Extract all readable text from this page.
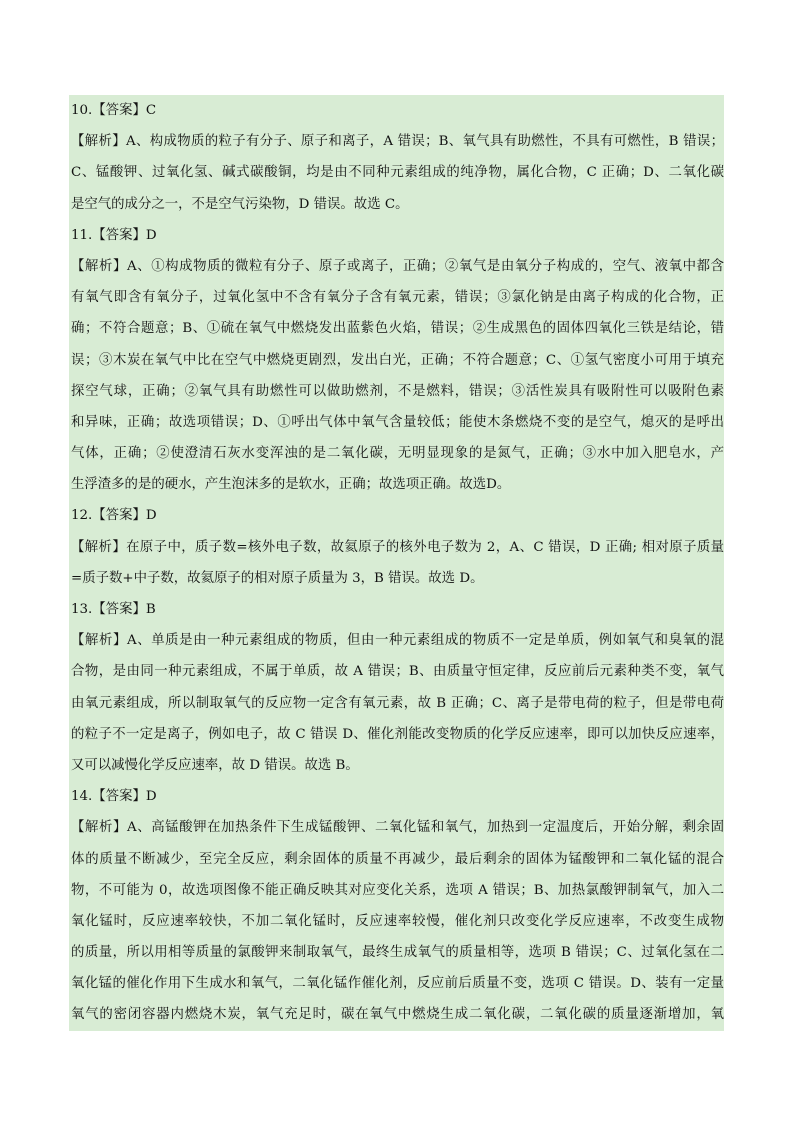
10.【答案】C
【解析】A、构成物质的粒子有分子、原子和离子，A 错误；B、氧气具有助燃性，不具有可燃性，B 错误；
C、锰酸钾、过氧化氢、碱式碳酸铜，均是由不同种元素组成的纯净物，属化合物，C 正确；D、二氧化碳
是空气的成分之一，不是空气污染物，D 错误。故选 C。
11.【答案】D
【解析】A、①构成物质的微粒有分子、原子或离子，正确；②氧气是由氧分子构成的，空气、液氧中都含
有氧气即含有氧分子，过氧化氢中不含有氧分子含有氧元素，错误；③氯化钠是由离子构成的化合物，正
确；不符合题意；B、①硫在氧气中燃烧发出蓝紫色火焰，错误；②生成黑色的固体四氧化三铁是结论，错
误；③木炭在氧气中比在空气中燃烧更剧烈，发出白光，正确；不符合题意；C、①氢气密度小可用于填充
探空气球，正确；②氧气具有助燃性可以做助燃剂，不是燃料，错误；③活性炭具有吸附性可以吸附色素
和异味，正确；故选项错误；D、①呼出气体中氧气含量较低；能使木条燃烧不变的是空气，熄灭的是呼出
气体，正确；②使澄清石灰水变浑浊的是二氧化碳，无明显现象的是氮气，正确；③水中加入肥皂水，产
生浮渣多的是的硬水，产生泡沫多的是软水，正确；故选项正确。故选D。
12.【答案】D
【解析】在原子中，质子数=核外电子数，故氦原子的核外电子数为 2，A、C 错误，D 正确; 相对原子质量
=质子数+中子数，故氦原子的相对原子质量为 3，B 错误。故选 D。
13.【答案】B
【解析】A、单质是由一种元素组成的物质，但由一种元素组成的物质不一定是单质，例如氧气和臭氧的混
合物，是由同一种元素组成，不属于单质，故 A 错误；B、由质量守恒定律，反应前后元素种类不变，氧气
由氧元素组成，所以制取氧气的反应物一定含有氧元素，故 B 正确；C、离子是带电荷的粒子，但是带电荷
的粒子不一定是离子，例如电子，故 C 错误 D、催化剂能改变物质的化学反应速率，即可以加快反应速率，
又可以减慢化学反应速率，故 D 错误。故选 B。
14.【答案】D
【解析】A、高锰酸钾在加热条件下生成锰酸钾、二氧化锰和氧气，加热到一定温度后，开始分解，剩余固
体的质量不断减少，至完全反应，剩余固体的质量不再减少，最后剩余的固体为锰酸钾和二氧化锰的混合
物，不可能为 0，故选项图像不能正确反映其对应变化关系，选项 A 错误；B、加热氯酸钾制氧气，加入二
氧化锰时，反应速率较快，不加二氧化锰时，反应速率较慢，催化剂只改变化学反应速率，不改变生成物
的质量，所以用相等质量的氯酸钾来制取氧气，最终生成氧气的质量相等，选项 B 错误；C、过氧化氢在二
氧化锰的催化作用下生成水和氧气，二氧化锰作催化剂，反应前后质量不变，选项 C 错误。D、装有一定量
氧气的密闭容器内燃烧木炭，氧气充足时，碳在氧气中燃烧生成二氧化碳，二氧化碳的质量逐渐增加，氧
